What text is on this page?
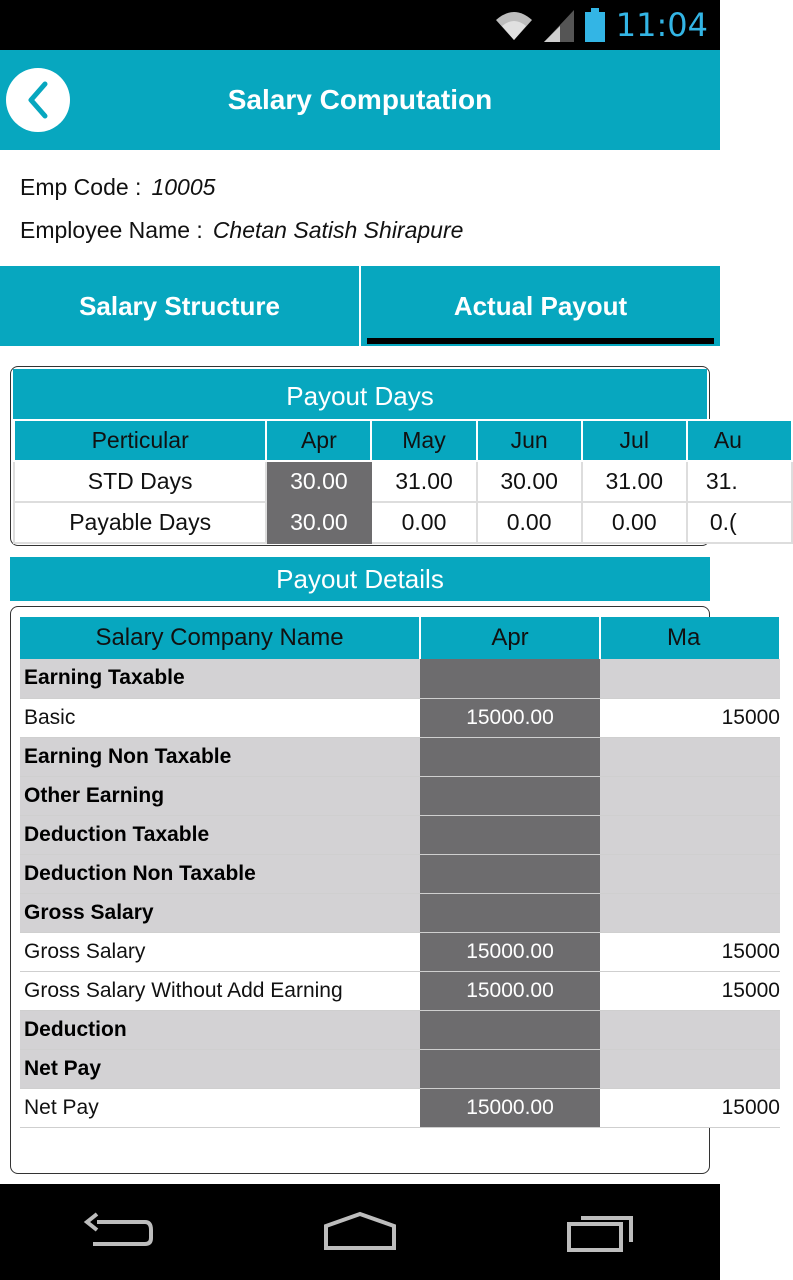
11:04
Salary Computation
Emp Code : 10005
Employee Name : Chetan Satish Shirapure
Salary Structure	Actual Payout
Payout Days
Perticular	Apr	May	Jun	Jul	Au
STD Days	30.00	31.00	30.00	31.00	31.
Payable Days	30.00	0.00	0.00	0.00	0.(
Payout Details
Salary Company Name	Apr	Ma
Earning Taxable		
Basic	15000.00	15000
Earning Non Taxable		
Other Earning		
Deduction Taxable		
Deduction Non Taxable		
Gross Salary		
Gross Salary	15000.00	15000
Gross Salary Without Add Earning	15000.00	15000
Deduction		
Net Pay		
Net Pay	15000.00	15000
